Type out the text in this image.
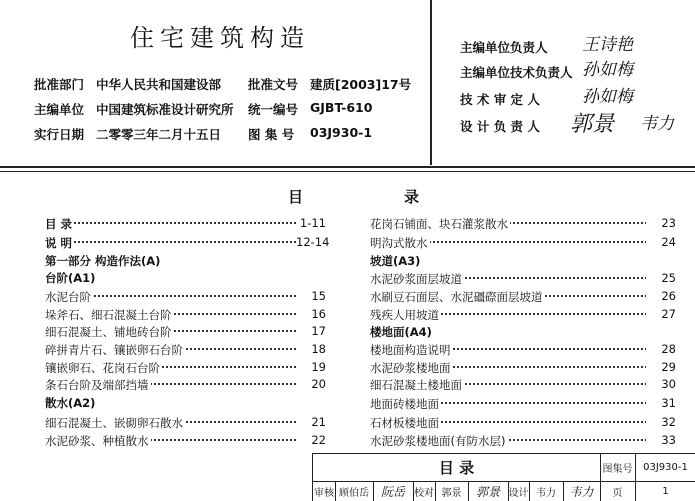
住宅建筑构造
批准部门 中华人民共和国建设部 批准文号 建质[2003]17号
主编单位 中国建筑标准设计研究所 统一编号 GJBT-610
实行日期 二零零三年二月十五日 图 集 号 03J930-1
主编单位负责人 王诗艳
主编单位技术负责人 孙如梅
技 术 审 定 人 孙如梅
设 计 负 责 人 郭景 韦力
目	录
目 录	1-11
说 明	12-14
第一部分 构造作法(A)
台阶(A1)
水泥台阶	15
垛斧石、细石混凝土台阶	16
细石混凝土、铺地砖台阶	17
碎拼青片石、镶嵌卵石台阶	18
镶嵌卵石、花岗石台阶	19
条石台阶及端部挡墙	20
散水(A2)
细石混凝土、嵌砌卵石散水	21
水泥砂浆、种植散水	22
花岗石铺面、块石灌浆散水	23
明沟式散水	24
坡道(A3)
水泥砂浆面层坡道	25
水刷豆石面层、水泥礓磜面层坡道	26
残疾人用坡道	27
楼地面(A4)
楼地面构造说明	28
水泥砂浆楼地面	29
细石混凝土楼地面	30
地面砖楼地面	31
石材板楼地面	32
水泥砂浆楼地面(有防水层)	33
目 录	图集号	03J930-1
审核 顾伯岳 阮岳 校对 郭景	郭景 设计 韦力	韦力	页	1
